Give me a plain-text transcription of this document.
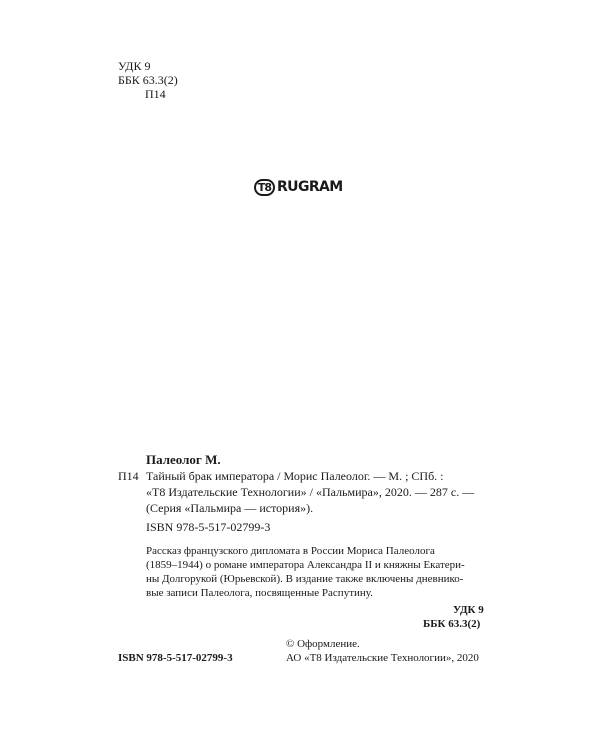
УДК 9
ББК 63.3(2)
П14
T8 RUGRAM
Палеолог М.
П14 Тайный брак императора / Морис Палеолог. — М. ; СПб. :
«Т8 Издательские Технологии» / «Пальмира», 2020. — 287 с. —
(Серия «Пальмира — история»).
ISBN 978-5-517-02799-3
Рассказ французского дипломата в России Мориса Палеолога
(1859–1944) о романе императора Александра II и княжны Екатери-
ны Долгорукой (Юрьевской). В издание также включены дневнико-
вые записи Палеолога, посвященные Распутину.
УДК 9
ББК 63.3(2)
ISBN 978-5-517-02799-3
© Оформление.
АО «Т8 Издательские Технологии», 2020
